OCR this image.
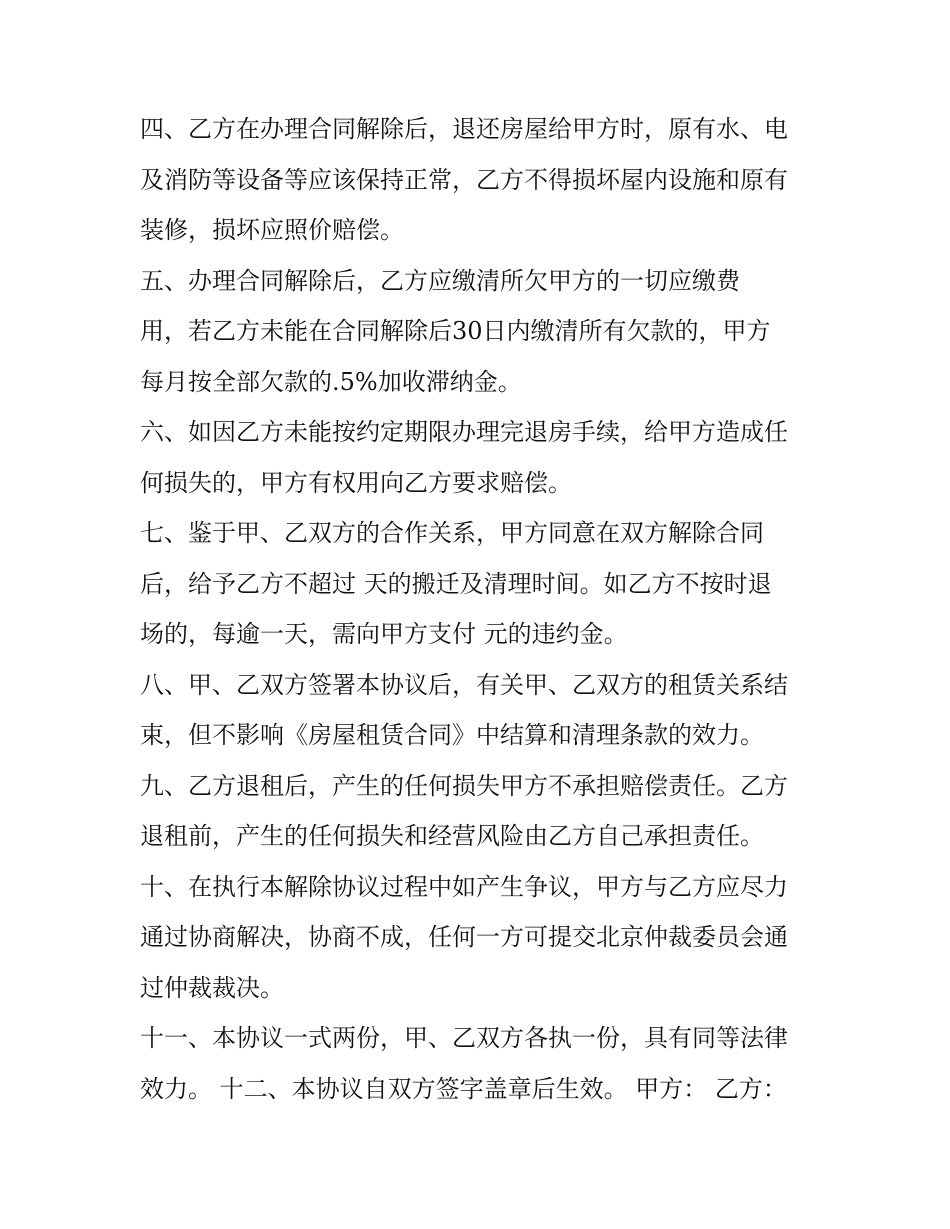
四、乙方在办理合同解除后，退还房屋给甲方时，原有水、电

及消防等设备等应该保持正常，乙方不得损坏屋内设施和原有

装修，损坏应照价赔偿。

五、办理合同解除后，乙方应缴清所欠甲方的一切应缴费

用，若乙方未能在合同解除后30日内缴清所有欠款的，甲方

每月按全部欠款的.5%加收滞纳金。

六、如因乙方未能按约定期限办理完退房手续，给甲方造成任

何损失的，甲方有权用向乙方要求赔偿。

七、鉴于甲、乙双方的合作关系，甲方同意在双方解除合同

后，给予乙方不超过 天的搬迁及清理时间。如乙方不按时退

场的，每逾一天，需向甲方支付 元的违约金。

八、甲、乙双方签署本协议后，有关甲、乙双方的租赁关系结

束，但不影响《房屋租赁合同》中结算和清理条款的效力。

九、乙方退租后，产生的任何损失甲方不承担赔偿责任。乙方

退租前，产生的任何损失和经营风险由乙方自己承担责任。

十、在执行本解除协议过程中如产生争议，甲方与乙方应尽力

通过协商解决，协商不成，任何一方可提交北京仲裁委员会通

过仲裁裁决。

十一、本协议一式两份，甲、乙双方各执一份，具有同等法律

效力。 十二、本协议自双方签字盖章后生效。 甲方： 乙方：
